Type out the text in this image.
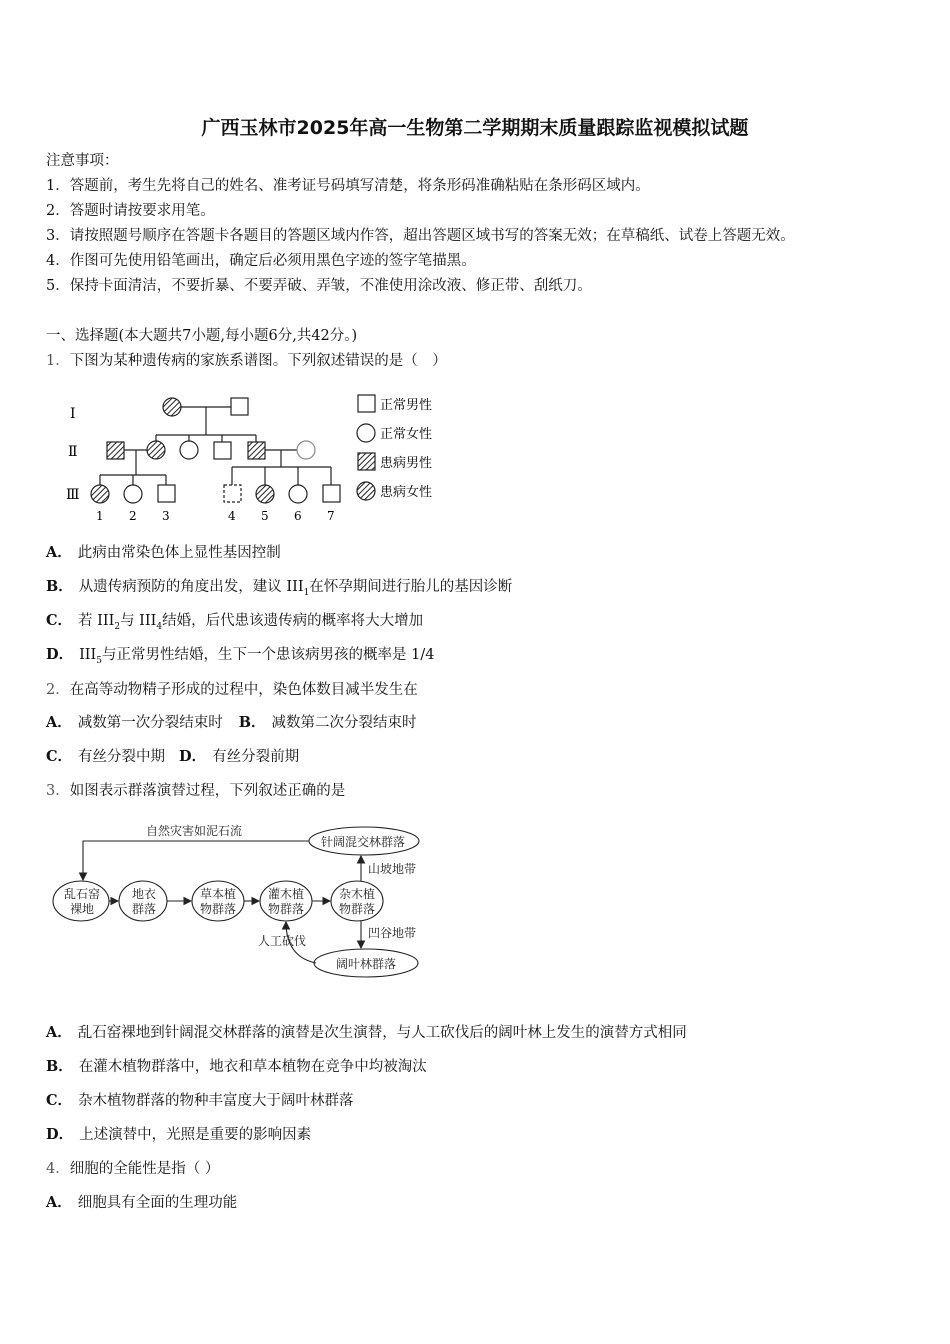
广西玉林市2025年高一生物第二学期期末质量跟踪监视模拟试题
注意事项：
1．答题前，考生先将自己的姓名、准考证号码填写清楚，将条形码准确粘贴在条形码区域内。
2．答题时请按要求用笔。
3．请按照题号顺序在答题卡各题目的答题区域内作答，超出答题区域书写的答案无效；在草稿纸、试卷上答题无效。
4．作图可先使用铅笔画出，确定后必须用黑色字迹的签字笔描黑。
5．保持卡面清洁，不要折暴、不要弄破、弄皱，不准使用涂改液、修正带、刮纸刀。
一、选择题(本大题共7小题,每小题6分,共42分。)
1．下图为某种遗传病的家族系谱图。下列叙述错误的是（　）
Ⅰ
Ⅱ
Ⅲ
1 2 3	4 5 6 7
正常男性
正常女性
患病男性
患病女性
A． 此病由常染色体上显性基因控制
B． 从遗传病预防的角度出发，建议 $III_1$在怀孕期间进行胎儿的基因诊断
C． 若 $III_2$与 $III_4$结婚，后代患该遗传病的概率将大大增加
D． $III_5$与正常男性结婚，生下一个患该病男孩的概率是 1/4
2．在高等动物精子形成的过程中，染色体数目减半发生在
A． 减数第一次分裂结束时 B． 减数第二次分裂结束时
C． 有丝分裂中期 D． 有丝分裂前期
3．如图表示群落演替过程，下列叙述正确的是
自然灾害如泥石流
乱石窑
裸地
地衣
群落
草本植
物群落
灌木植
物群落
杂木植
物群落
针阔混交林群落
阔叶林群落
山坡地带
凹谷地带
人工砍伐
A． 乱石窑裸地到针阔混交林群落的演替是次生演替，与人工砍伐后的阔叶林上发生的演替方式相同
B． 在灌木植物群落中，地衣和草本植物在竞争中均被淘汰
C． 杂木植物群落的物种丰富度大于阔叶林群落
D． 上述演替中，光照是重要的影响因素
4．细胞的全能性是指（ ）
A． 细胞具有全面的生理功能
